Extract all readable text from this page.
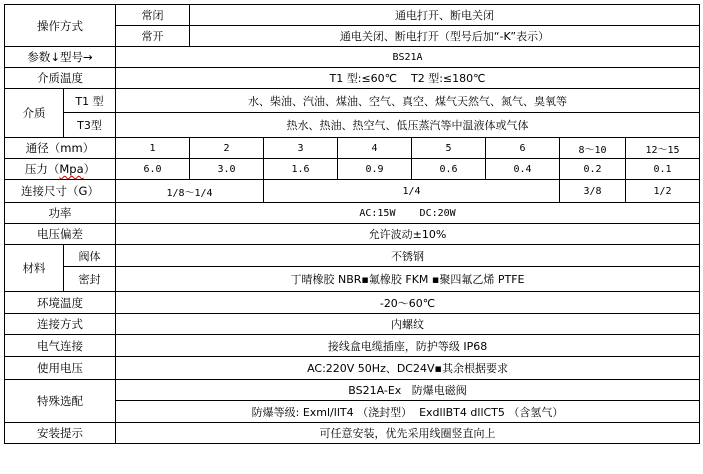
操作方式		常闭	通电打开、断电关闭						
		常开	通电关闭、断电打开（型号后加“-K”表示）						
参数↓型号→		BS21A							
介质温度		T1 型:≤60℃    T2 型:≤180℃							
介质	T1 型	水、柴油、汽油、煤油、空气、真空、煤气天然气、氮气、臭氧等							
	T3型	热水、热油、热空气、低压蒸汽等中温液体或气体							
通径（mm）		1	2	3	4	5	6	8～10	12～15
压力（Mpa）		6.0	3.0	1.6	0.9	0.6	0.4	0.2	0.1
连接尺寸（G）		1/8～1/4		1/4				3/8	1/2
功率		AC:15W    DC:20W							
电压偏差		允许波动±10%							
材料	阀体	不锈钢							
	密封	丁晴橡胶 NBR▪氟橡胶 FKM ▪聚四氟乙烯 PTFE							
环境温度		-20～60℃							
连接方式		内螺纹							
电气连接		接线盒电缆插座，防护等级 IP68							
使用电压		AC:220V 50Hz、DC24V▪其余根据要求							
特殊选配		BS21A-Ex   防爆电磁阀							
		防爆等级: Exml/llT4 （浇封型）  ExdllBT4 dllCT5 （含氢气）							
安装提示		可任意安装，优先采用线圈竖直向上							
